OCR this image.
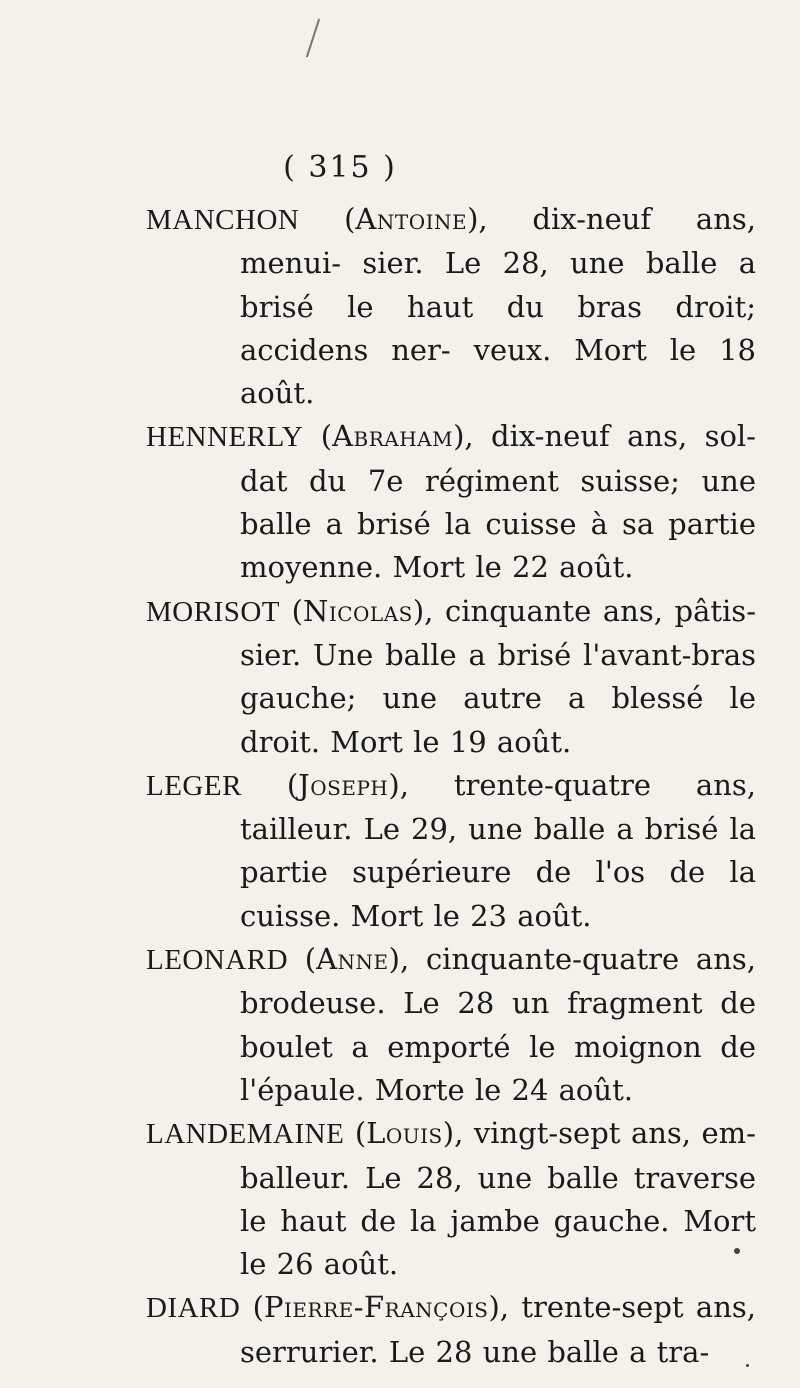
( 315 )

MANCHON (Antoine), dix-neuf ans, menui- sier. Le 28, une balle a brisé le haut du bras droit; accidens ner- veux. Mort le 18 août.

HENNERLY (Abraham), dix-neuf ans, sol- dat du 7e régiment suisse; une balle a brisé la cuisse à sa partie moyenne. Mort le 22 août.

MORISOT (Nicolas), cinquante ans, pâtis- sier. Une balle a brisé l'avant-bras gauche; une autre a blessé le droit. Mort le 19 août.

LEGER (Joseph), trente-quatre ans, tailleur. Le 29, une balle a brisé la partie supérieure de l'os de la cuisse. Mort le 23 août.

LEONARD (Anne), cinquante-quatre ans, brodeuse. Le 28 un fragment de boulet a emporté le moignon de l'épaule. Morte le 24 août.

LANDEMAINE (Louis), vingt-sept ans, em- balleur. Le 28, une balle traverse le haut de la jambe gauche. Mort le 26 août.

DIARD (Pierre-François), trente-sept ans, serrurier. Le 28 une balle a tra-
